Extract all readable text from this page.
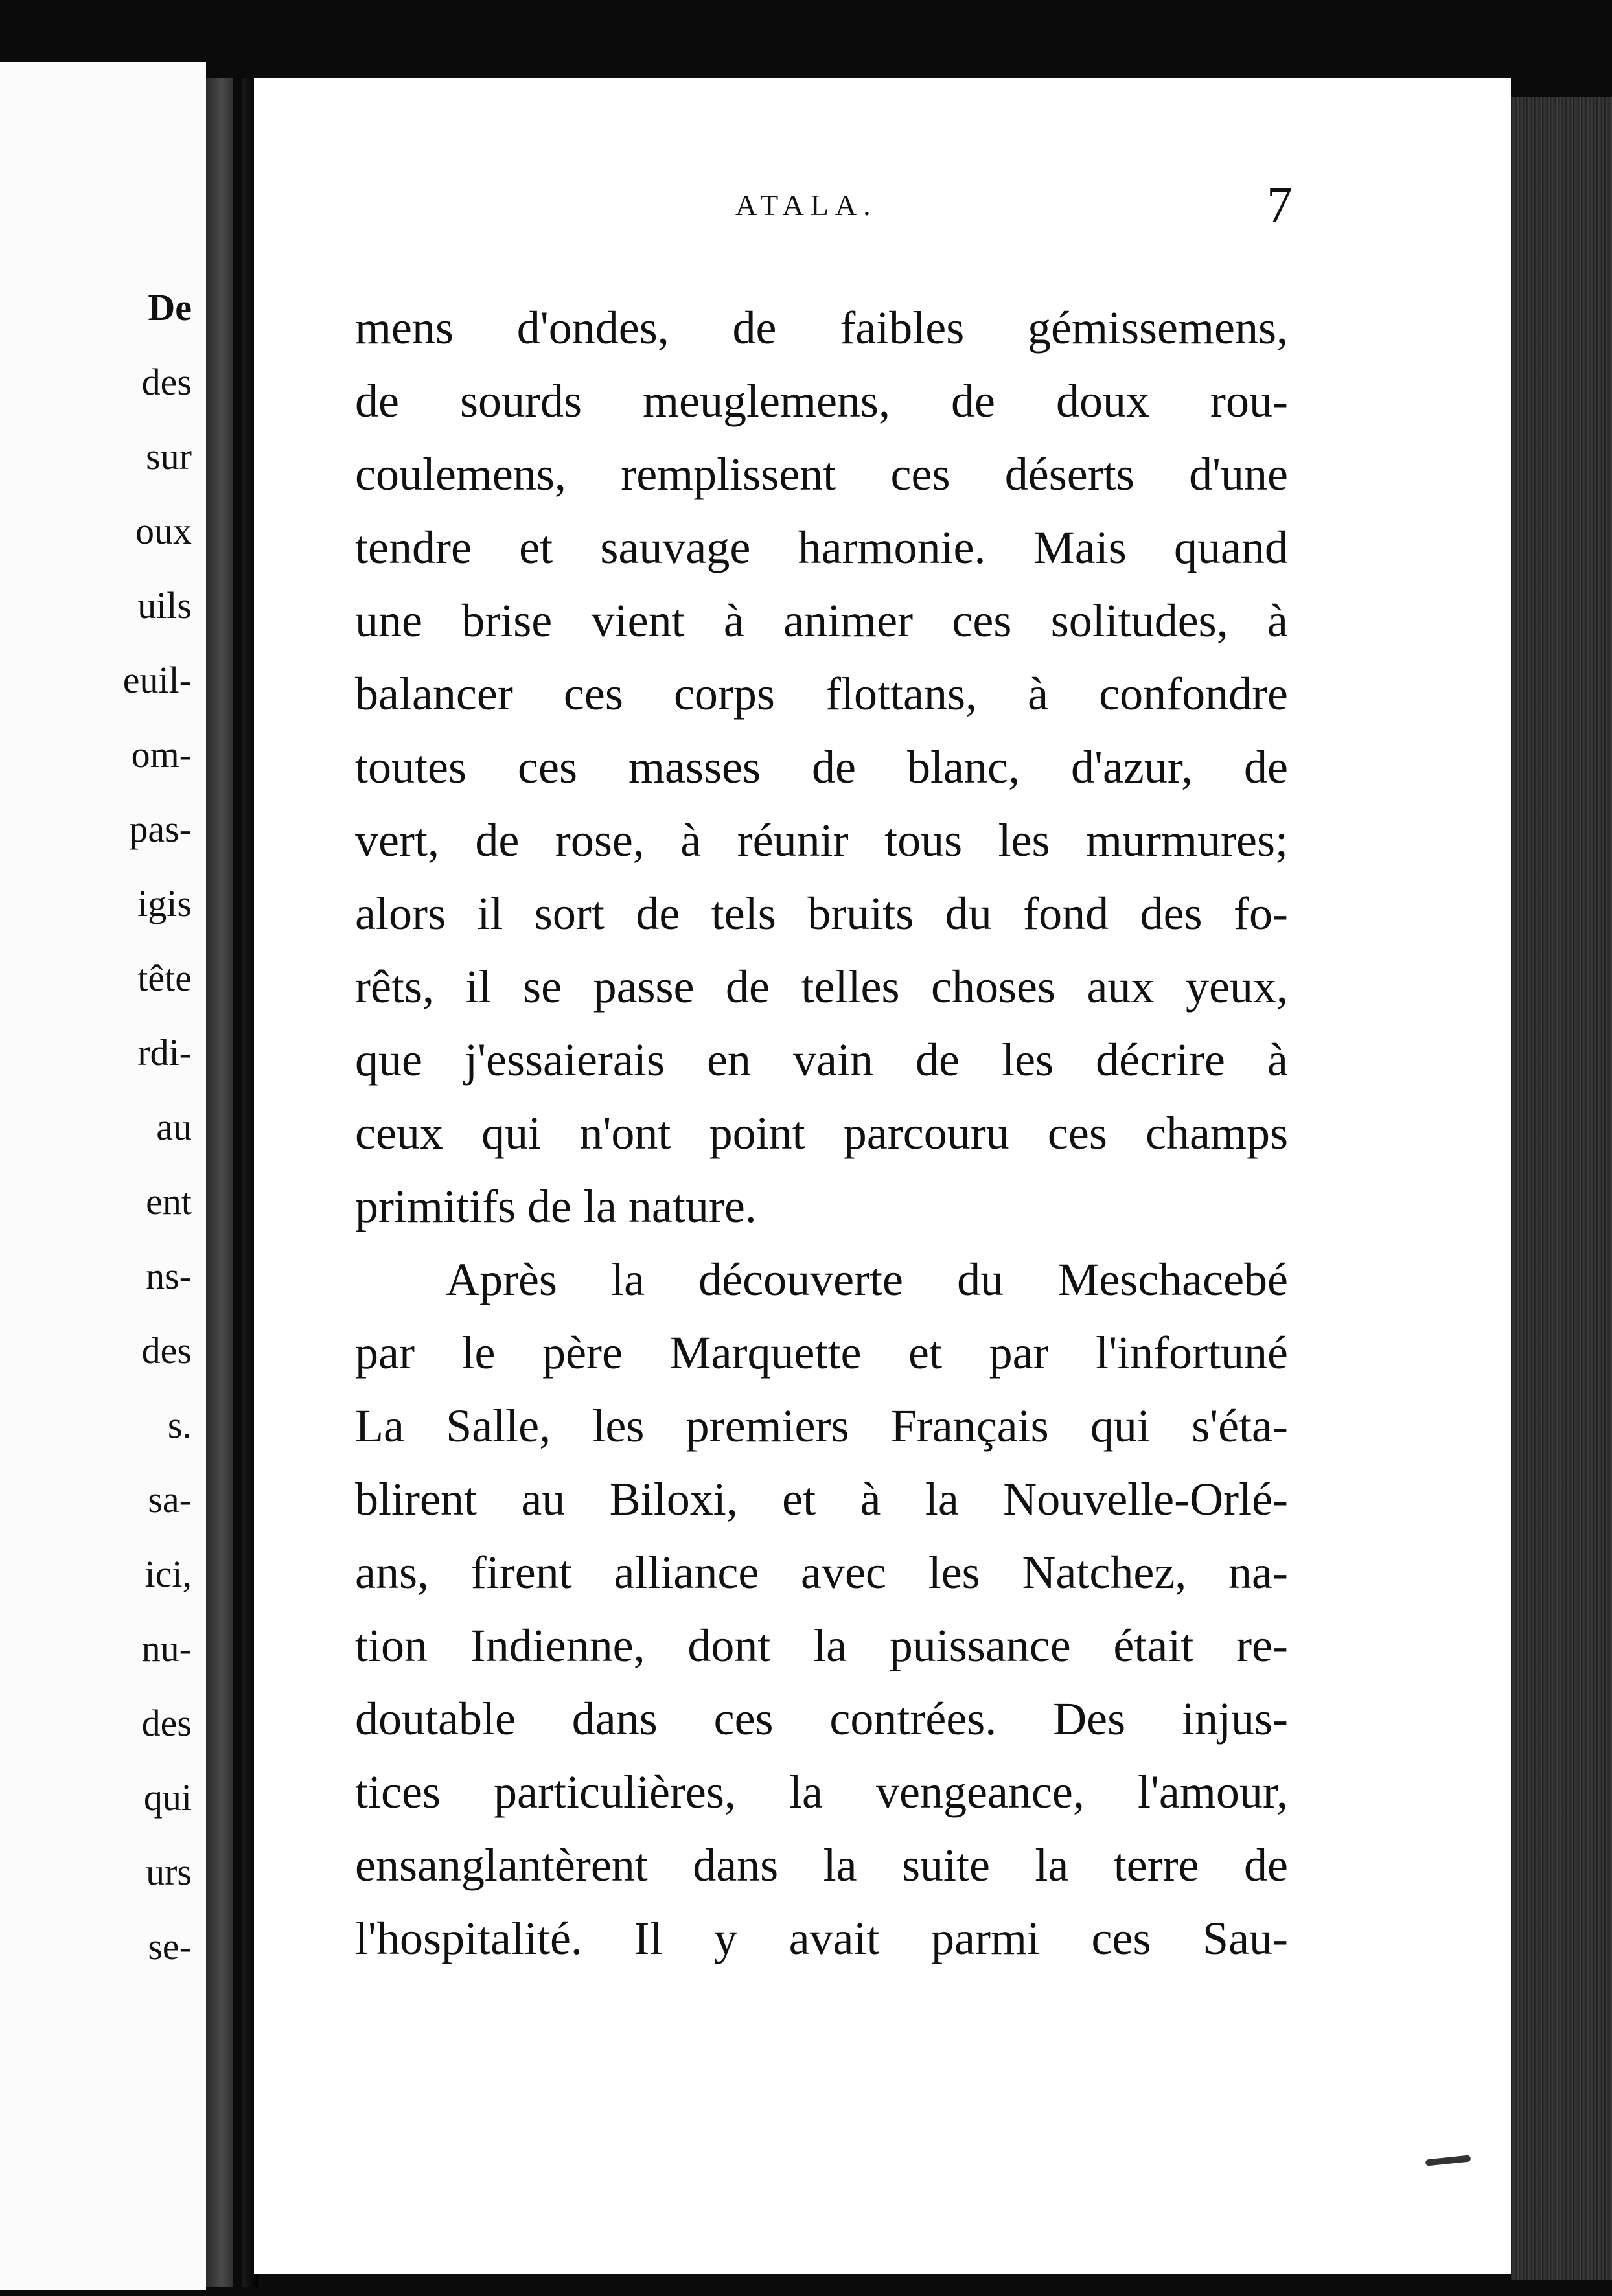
De
des
sur
oux
uils
euil-
om-
pas-
igis
tête
rdi-
au
ent
ns-
des
s.
sa-
ici,
nu-
des
qui
urs
se-
ATALA.	7
mens d'ondes, de faibles gémissemens,
de sourds meuglemens, de doux rou-
coulemens, remplissent ces déserts d'une
tendre et sauvage harmonie. Mais quand
une brise vient à animer ces solitudes, à
balancer ces corps flottans, à confondre
toutes ces masses de blanc, d'azur, de
vert, de rose, à réunir tous les murmures;
alors il sort de tels bruits du fond des fo-
rêts, il se passe de telles choses aux yeux,
que j'essaierais en vain de les décrire à
ceux qui n'ont point parcouru ces champs
primitifs de la nature.
Après la découverte du Meschacebé
par le père Marquette et par l'infortuné
La Salle, les premiers Français qui s'éta-
blirent au Biloxi, et à la Nouvelle-Orlé-
ans, firent alliance avec les Natchez, na-
tion Indienne, dont la puissance était re-
doutable dans ces contrées. Des injus-
tices particulières, la vengeance, l'amour,
ensanglantèrent dans la suite la terre de
l'hospitalité. Il y avait parmi ces Sau-
